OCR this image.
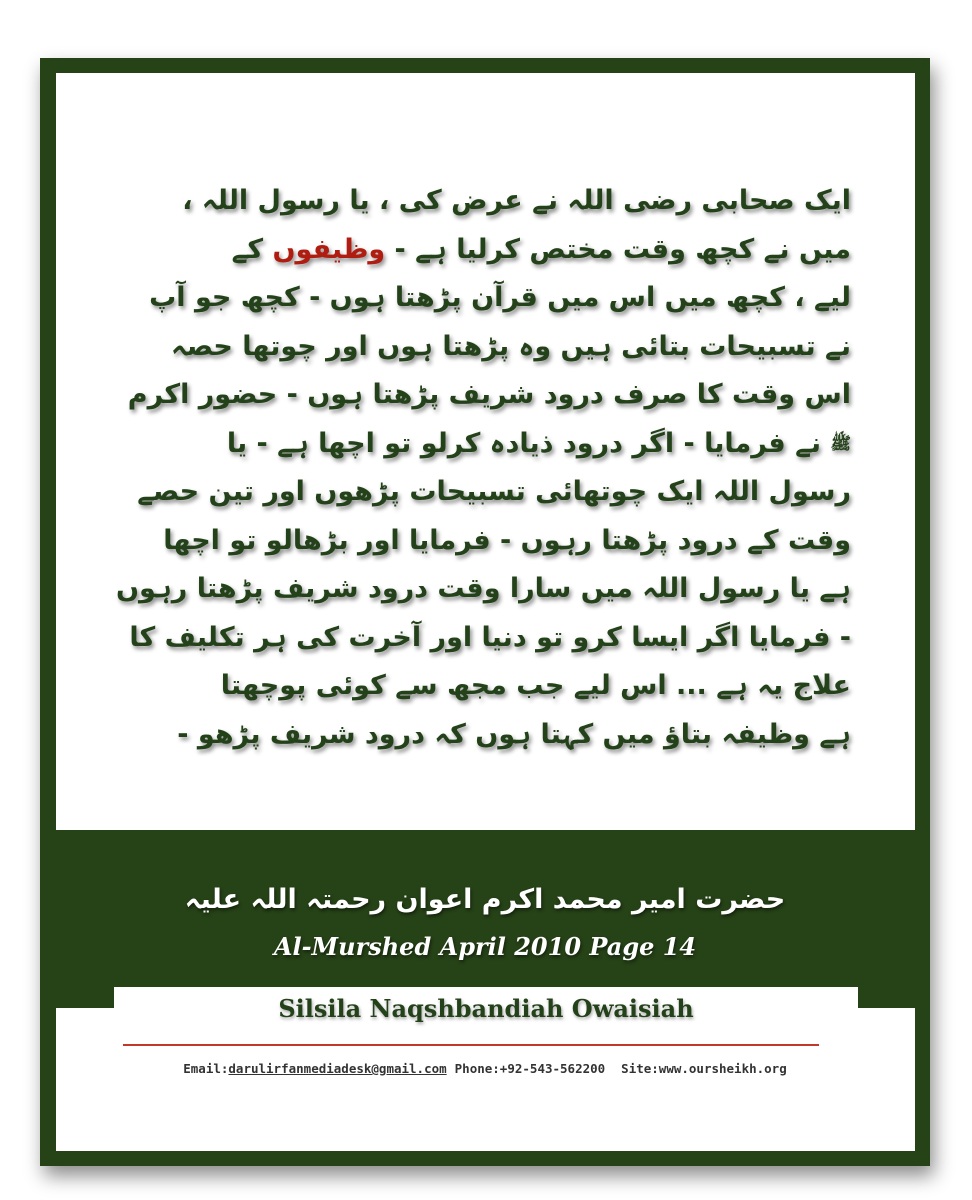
ایک صحابی رضی اللہ نے عرض کی ، یا رسول اللہ ،
میں نے کچھ وقت مختص کرلیا ہے - وظیفوں کے
لیے ، کچھ میں اس میں قرآن پڑھتا ہوں - کچھ جو آپ
نے تسبیحات بتائی ہیں وہ پڑھتا ہوں اور چوتھا حصہ
اس وقت کا صرف درود شریف پڑھتا ہوں - حضور اکرم
ﷺ نے فرمایا - اگر درود ذیادہ کرلو تو اچھا ہے - یا
رسول اللہ ایک چوتھائی تسبیحات پڑھوں اور تین حصے
وقت کے درود پڑھتا رہوں - فرمایا اور بڑھالو تو اچھا
ہے یا رسول اللہ میں سارا وقت درود شریف پڑھتا رہوں
- فرمایا اگر ایسا کرو تو دنیا اور آخرت کی ہر تکلیف کا
علاج یہ ہے ... اس لیے جب مجھ سے کوئی پوچھتا
ہے وظیفہ بتاؤ میں کہتا ہوں کہ درود شریف پڑھو -
حضرت امیر محمد اکرم اعوان رحمتہ اللہ علیہ
Al-Murshed April 2010 Page 14
Silsila Naqshbandiah Owaisiah
Email:darulirfanmediadesk@gmail.com Phone:+92-543-562200 Site:www.oursheikh.org
